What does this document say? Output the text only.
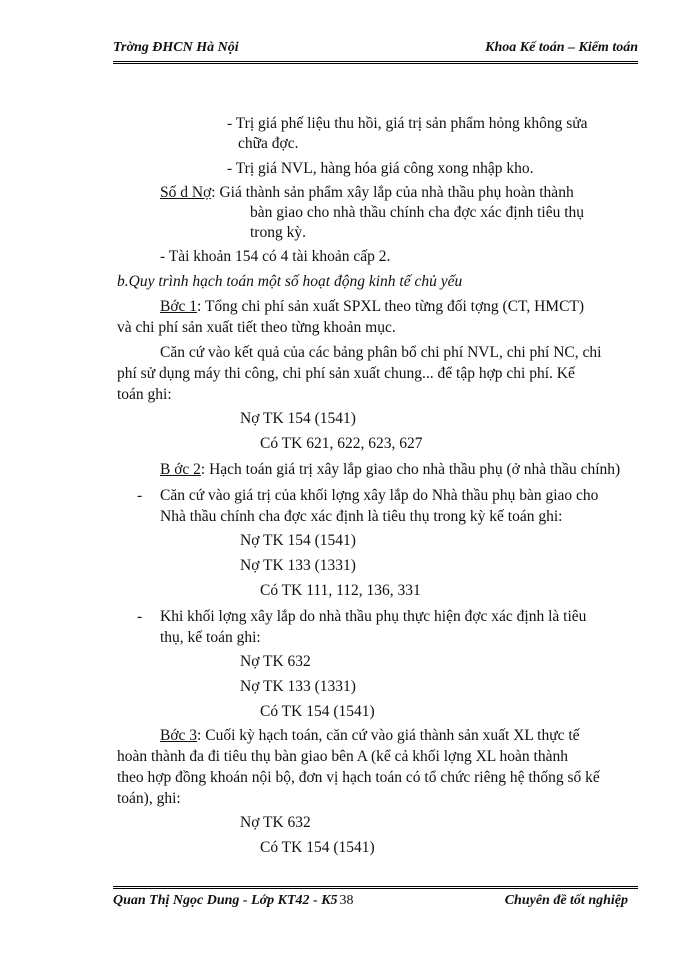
Trờng ĐHCN Hà Nội	Khoa Kế toán – Kiểm toán
- Trị giá phế liệu thu hồi, giá trị sản phẩm hỏng không sửa
chữa đợc.
- Trị giá NVL, hàng hóa giá công xong nhập kho.
Số d Nợ: Giá thành sản phẩm xây lắp của nhà thầu phụ hoàn thành
bàn giao cho nhà thầu chính cha đợc xác định tiêu thụ
trong kỳ.
- Tài khoản 154 có 4 tài khoản cấp 2.
b.Quy trình hạch toán một số hoạt động kinh tế chủ yếu
Bớc 1: Tổng chi phí sản xuất SPXL theo từng đối tợng (CT, HMCT)
và chi phí sản xuất tiết theo từng khoản mục.
Căn cứ vào kết quả của các bảng phân bổ chi phí NVL, chi phí NC, chi
phí sử dụng máy thi công, chi phí sản xuất chung... để tập hợp chi phí. Kế
toán ghi:
Nợ TK 154 (1541)
Có TK 621, 622, 623, 627
B ớc 2: Hạch toán giá trị xây lắp giao cho nhà thầu phụ (ở nhà thầu chính)
- Căn cứ vào giá trị của khối lợng xây lắp do Nhà thầu phụ bàn giao cho
Nhà thầu chính cha đợc xác định là tiêu thụ trong kỳ kế toán ghi:
Nợ TK 154 (1541)
Nợ TK 133 (1331)
Có TK 111, 112, 136, 331
- Khi khối lợng xây lắp do nhà thầu phụ thực hiện đợc xác định là tiêu
thụ, kế toán ghi:
Nợ TK 632
Nợ TK 133 (1331)
Có TK 154 (1541)
Bớc 3: Cuối kỳ hạch toán, căn cứ vào giá thành sản xuất XL thực tế
hoàn thành đa đi tiêu thụ bàn giao bên A (kể cả khối lợng XL hoàn thành
theo hợp đồng khoán nội bộ, đơn vị hạch toán có tổ chức riêng hệ thống sổ kế
toán), ghi:
Nợ TK 632
Có TK 154 (1541)
Quan Thị Ngọc Dung - Lớp KT42 - K5 38	Chuyên đề tốt nghiệp
